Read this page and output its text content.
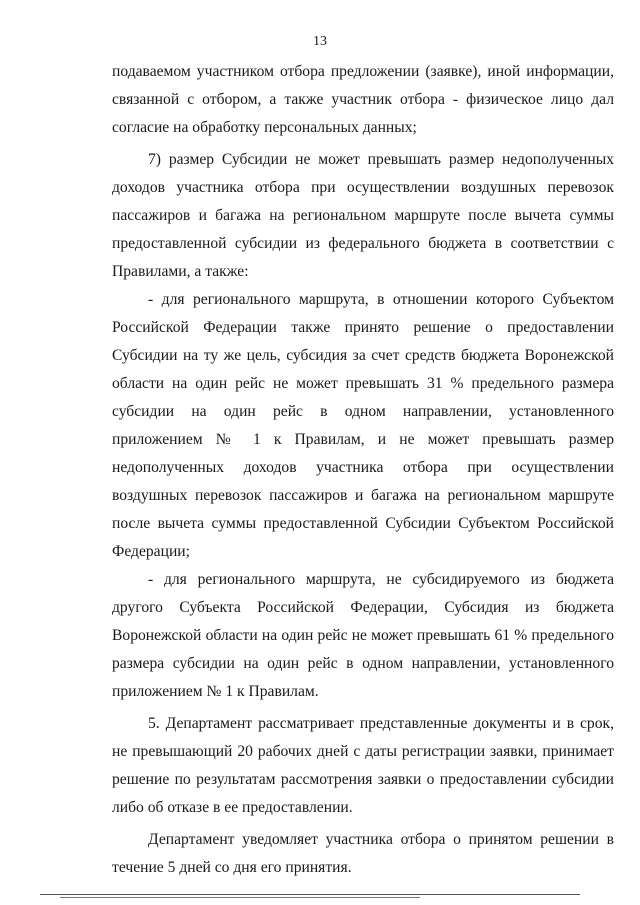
13

подаваемом участником отбора предложении (заявке), иной информации, связанной с отбором, а также участник отбора - физическое лицо дал согласие на обработку персональных данных;

7) размер Субсидии не может превышать размер недополученных доходов участника отбора при осуществлении воздушных перевозок пассажиров и багажа на региональном маршруте после вычета суммы предоставленной субсидии из федерального бюджета в соответствии с Правилами, а также:

- для регионального маршрута, в отношении которого Субъектом Российской Федерации также принято решение о предоставлении Субсидии на ту же цель, субсидия за счет средств бюджета Воронежской области на один рейс не может превышать 31 % предельного размера субсидии на один рейс в одном направлении, установленного приложением № 1 к Правилам, и не может превышать размер недополученных доходов участника отбора при осуществлении воздушных перевозок пассажиров и багажа на региональном маршруте после вычета суммы предоставленной Субсидии Субъектом Российской Федерации;

- для регионального маршрута, не субсидируемого из бюджета другого Субъекта Российской Федерации, Субсидия из бюджета Воронежской области на один рейс не может превышать 61 % предельного размера субсидии на один рейс в одном направлении, установленного приложением № 1 к Правилам.

5. Департамент рассматривает представленные документы и в срок, не превышающий 20 рабочих дней с даты регистрации заявки, принимает решение по результатам рассмотрения заявки о предоставлении субсидии либо об отказе в ее предоставлении.

Департамент уведомляет участника отбора о принятом решении в течение 5 дней со дня его принятия.
